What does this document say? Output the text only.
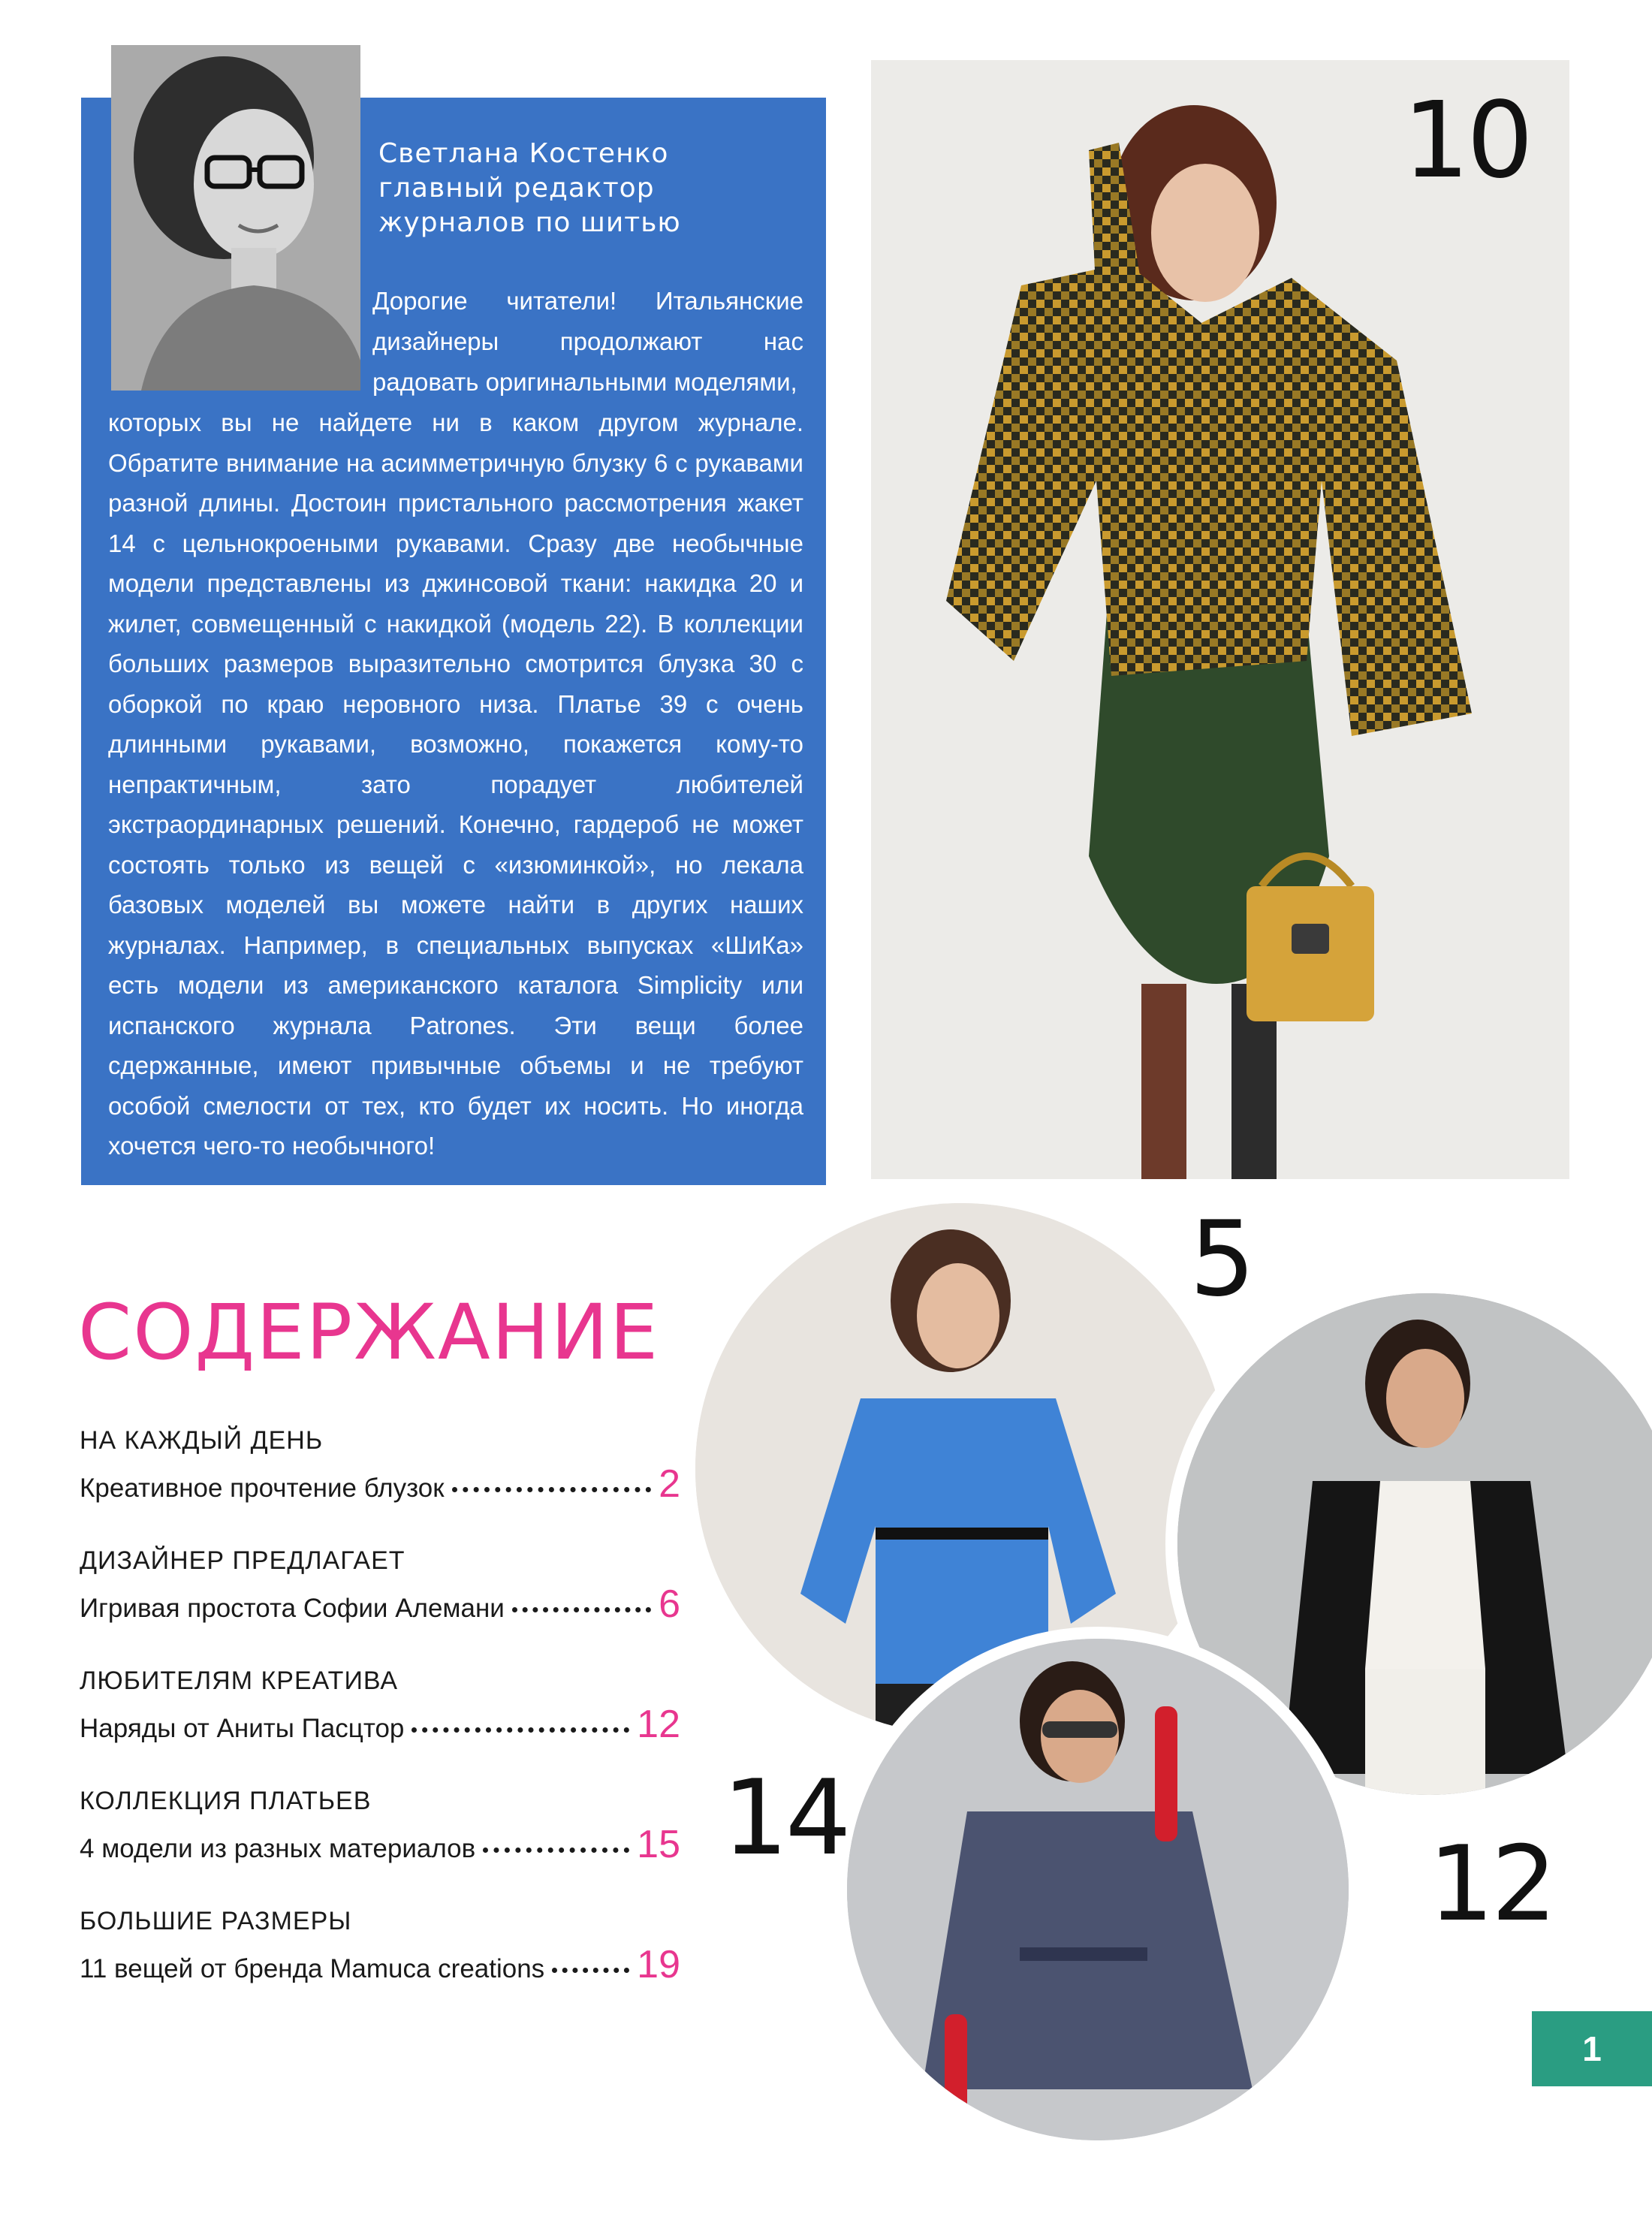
Светлана Костенко
главный редактор
журналов по шитью
Дорогие читатели! Итальянские дизайнеры продолжают нас радовать оригинальными моделями,
которых вы не найдете ни в каком другом журнале. Обратите внимание на асимметричную блузку 6 с рукавами разной длины. Достоин пристального рассмотрения жакет 14 с цельнокроеными рукавами. Сразу две необычные модели представлены из джинсовой ткани: накидка 20 и жилет, совмещенный с накидкой (модель 22). В коллекции больших размеров выразительно смотрится блузка 30 с оборкой по краю неровного низа. Платье 39 с очень длинными рукавами, возможно, покажется кому-то непрактичным, зато порадует любителей экстраординарных решений. Конечно, гардероб не может состоять только из вещей с «изюминкой», но лекала базовых моделей вы можете найти в других наших журналах. Например, в специальных выпусках «ШиКа» есть модели из американского каталога Simplicity или испанского журнала Patrones. Эти вещи более сдержанные, имеют привычные объемы и не требуют особой смелости от тех, кто будет их носить. Но иногда хочется чего-то необычного!
10
СОДЕРЖАНИЕ
НА КАЖДЫЙ ДЕНЬ
Креативное прочтение блузок	2
ДИЗАЙНЕР ПРЕДЛАГАЕТ
Игривая простота Софии Алемани	6
ЛЮБИТЕЛЯМ КРЕАТИВА
Наряды от Аниты Пасцтор	12
КОЛЛЕКЦИЯ ПЛАТЬЕВ
4 модели из разных материалов	15
БОЛЬШИЕ РАЗМЕРЫ
11 вещей от бренда Mamuca creations 19
5
14
12
1
